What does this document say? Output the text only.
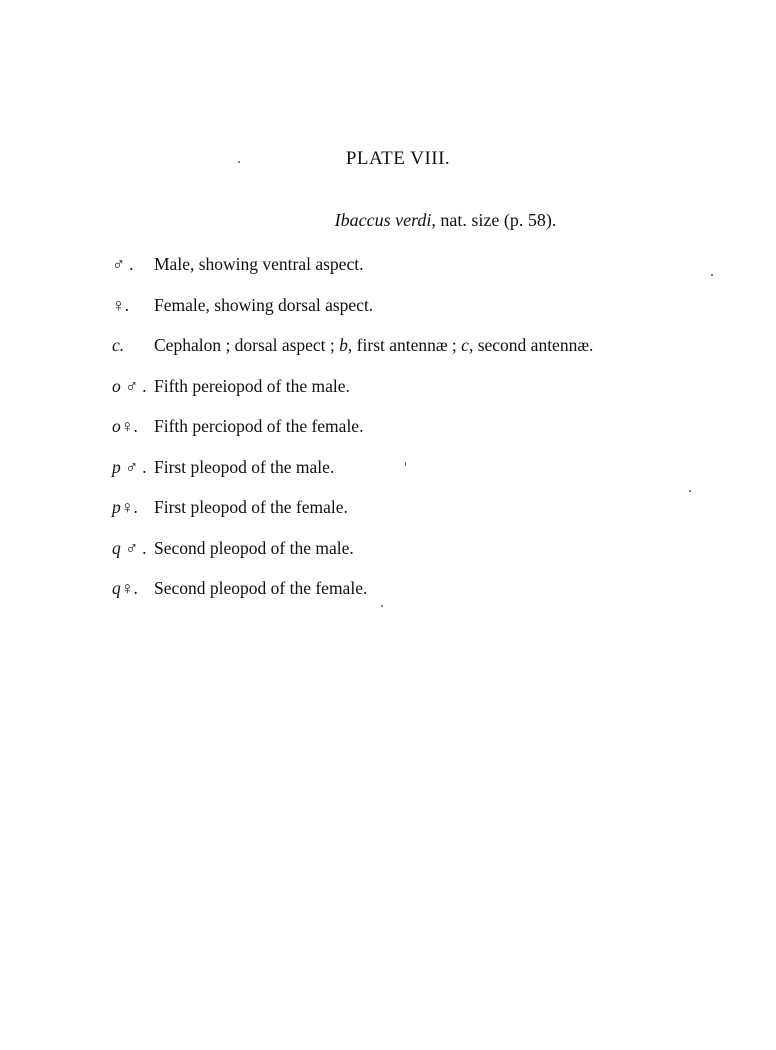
PLATE VIII.
Ibaccus verdi, nat. size (p. 58).
♂ . Male, showing ventral aspect.
♀. Female, showing dorsal aspect.
c. Cephalon ; dorsal aspect ; b, first antennæ ; c, second antennæ.
o ♂ . Fifth pereiopod of the male.
o♀. Fifth perciopod of the female.
p ♂ . First pleopod of the male.
p♀. First pleopod of the female.
q ♂ . Second pleopod of the male.
q♀. Second pleopod of the female.
